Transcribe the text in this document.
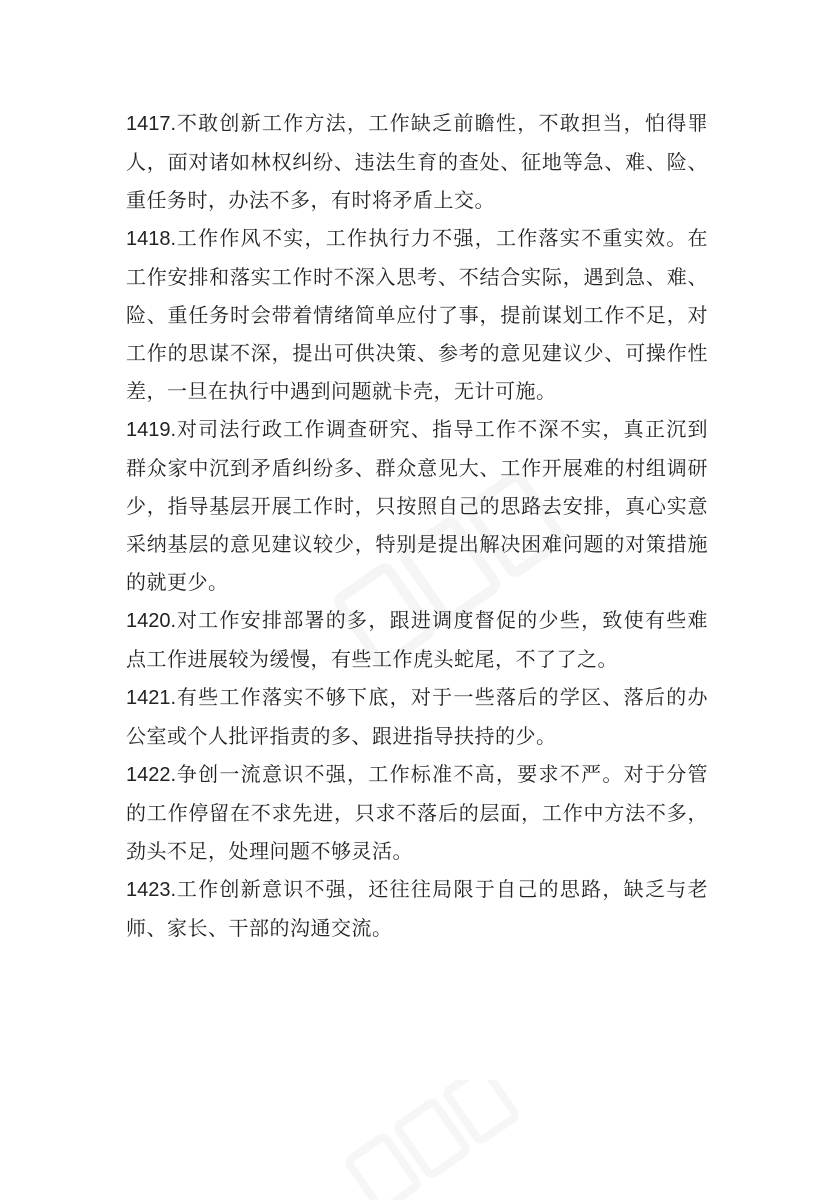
1417.不敢创新工作方法，工作缺乏前瞻性，不敢担当，怕得罪人，面对诸如林权纠纷、违法生育的查处、征地等急、难、险、重任务时，办法不多，有时将矛盾上交。

1418.工作作风不实，工作执行力不强，工作落实不重实效。在工作安排和落实工作时不深入思考、不结合实际，遇到急、难、险、重任务时会带着情绪简单应付了事，提前谋划工作不足，对工作的思谋不深，提出可供决策、参考的意见建议少、可操作性差，一旦在执行中遇到问题就卡壳，无计可施。

1419.对司法行政工作调查研究、指导工作不深不实，真正沉到群众家中沉到矛盾纠纷多、群众意见大、工作开展难的村组调研少，指导基层开展工作时，只按照自己的思路去安排，真心实意采纳基层的意见建议较少，特别是提出解决困难问题的对策措施的就更少。

1420.对工作安排部署的多，跟进调度督促的少些，致使有些难点工作进展较为缓慢，有些工作虎头蛇尾，不了了之。

1421.有些工作落实不够下底，对于一些落后的学区、落后的办公室或个人批评指责的多、跟进指导扶持的少。

1422.争创一流意识不强，工作标准不高，要求不严。对于分管的工作停留在不求先进，只求不落后的层面，工作中方法不多，劲头不足，处理问题不够灵活。

1423.工作创新意识不强，还往往局限于自己的思路，缺乏与老师、家长、干部的沟通交流。
